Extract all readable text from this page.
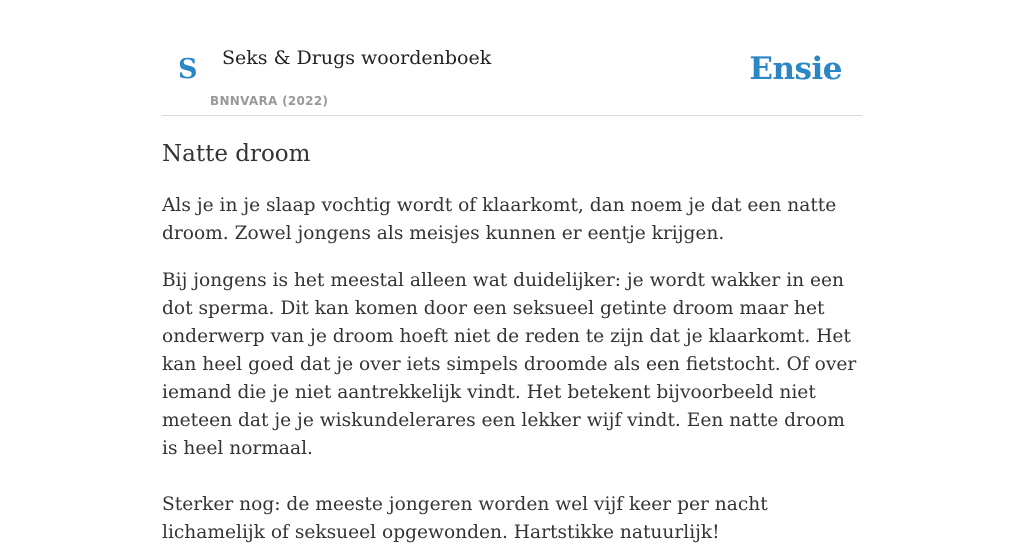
S Seks & Drugs woordenboek
BNNVARA (2022)
Ensie
Natte droom

Als je in je slaap vochtig wordt of klaarkomt, dan noem je dat een natte droom. Zowel jongens als meisjes kunnen er eentje krijgen.

Bij jongens is het meestal alleen wat duidelijker: je wordt wakker in een dot sperma. Dit kan komen door een seksueel getinte droom maar het onderwerp van je droom hoeft niet de reden te zijn dat je klaarkomt. Het kan heel goed dat je over iets simpels droomde als een fietstocht. Of over iemand die je niet aantrekkelijk vindt. Het betekent bijvoorbeeld niet meteen dat je je wiskundelerares een lekker wijf vindt. Een natte droom is heel normaal.

Sterker nog: de meeste jongeren worden wel vijf keer per nacht lichamelijk of seksueel opgewonden. Hartstikke natuurlijk!
